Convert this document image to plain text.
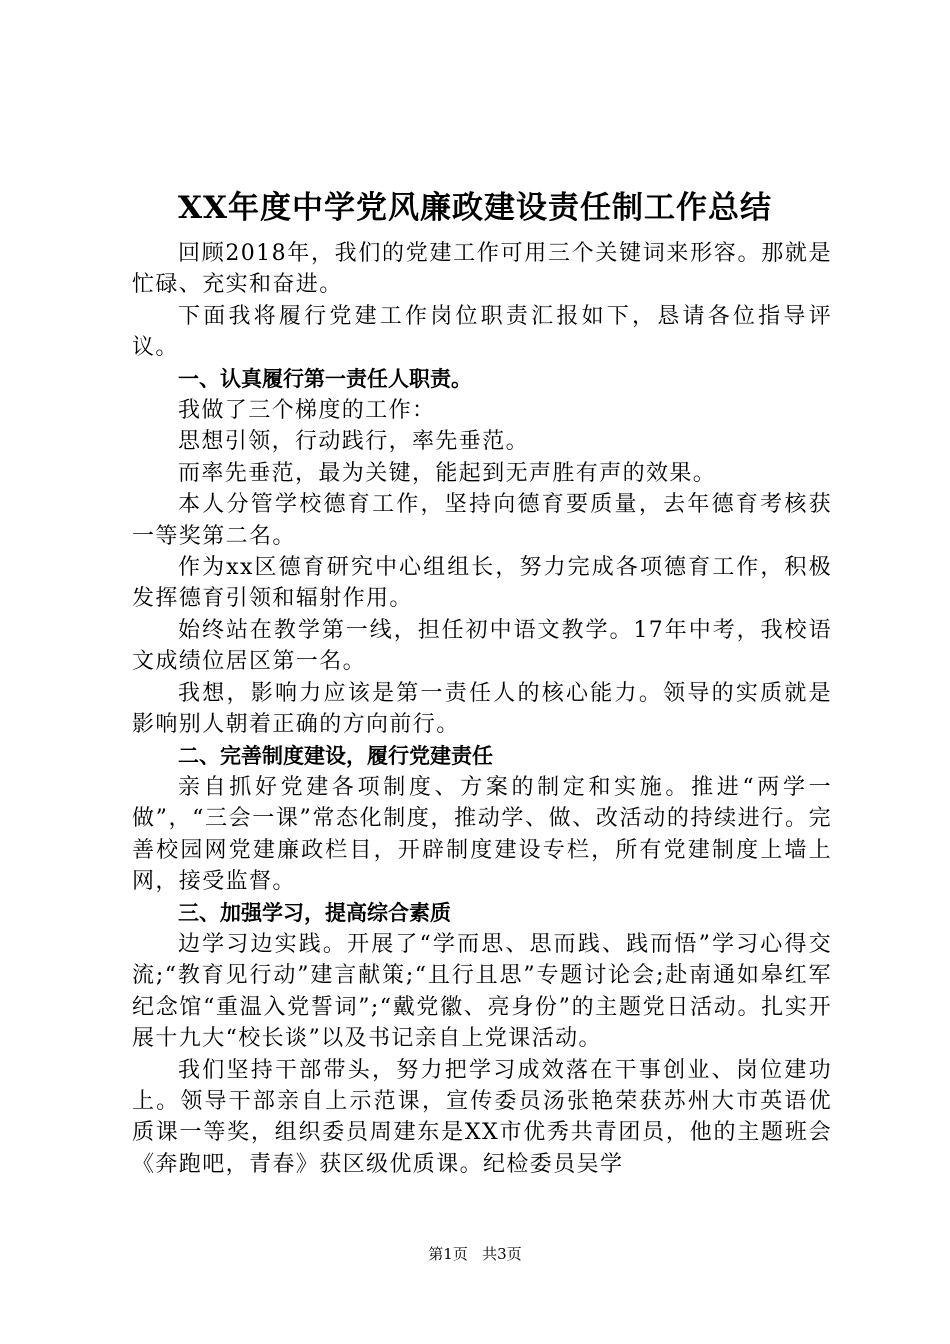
XX年度中学党风廉政建设责任制工作总结

回顾2018年，我们的党建工作可用三个关键词来形容。那就是忙碌、充实和奋进。

下面我将履行党建工作岗位职责汇报如下，恳请各位指导评议。

一、认真履行第一责任人职责。

我做了三个梯度的工作：

思想引领，行动践行，率先垂范。

而率先垂范，最为关键，能起到无声胜有声的效果。

本人分管学校德育工作，坚持向德育要质量，去年德育考核获一等奖第二名。

作为xx区德育研究中心组组长，努力完成各项德育工作，积极发挥德育引领和辐射作用。

始终站在教学第一线，担任初中语文教学。17年中考，我校语文成绩位居区第一名。

我想，影响力应该是第一责任人的核心能力。领导的实质就是影响别人朝着正确的方向前行。

二、完善制度建设，履行党建责任

亲自抓好党建各项制度、方案的制定和实施。推进“两学一做”，“三会一课”常态化制度，推动学、做、改活动的持续进行。完善校园网党建廉政栏目，开辟制度建设专栏，所有党建制度上墙上网，接受监督。

三、加强学习，提高综合素质

边学习边实践。开展了“学而思、思而践、践而悟”学习心得交流;“教育见行动”建言献策;“且行且思”专题讨论会;赴南通如皋红军纪念馆“重温入党誓词”;“戴党徽、亮身份”的主题党日活动。扎实开展十九大“校长谈”以及书记亲自上党课活动。

我们坚持干部带头，努力把学习成效落在干事创业、岗位建功上。领导干部亲自上示范课，宣传委员汤张艳荣获苏州大市英语优质课一等奖，组织委员周建东是XX市优秀共青团员，他的主题班会《奔跑吧，青春》获区级优质课。纪检委员吴学

第1页 共3页
